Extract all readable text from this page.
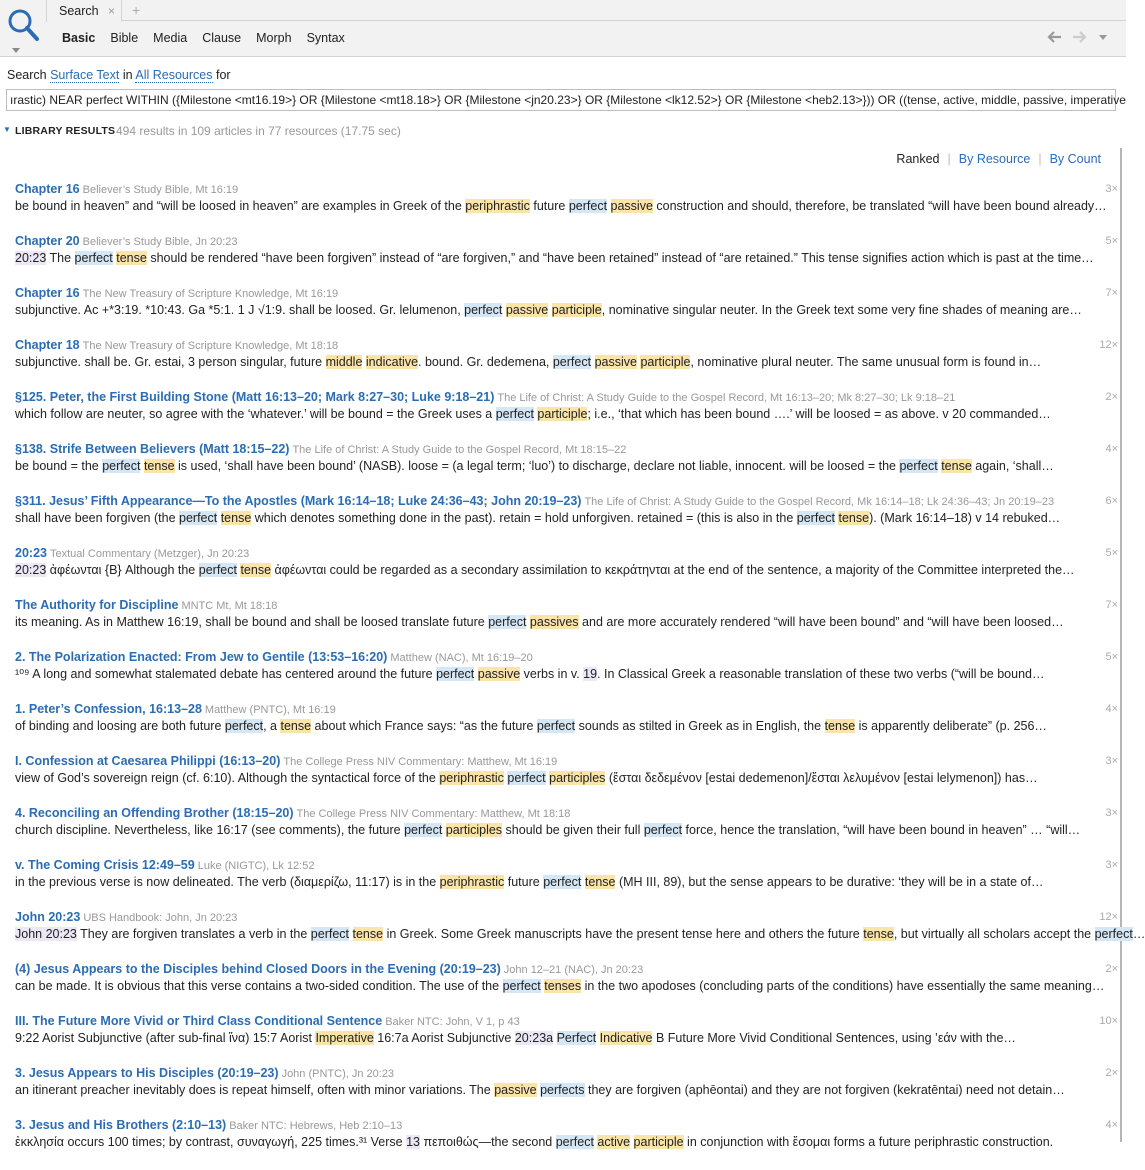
Search × +
Basic Bible Media Clause Morph Syntax
Search Surface Text in All Resources for
ırastic) NEAR perfect WITHIN ({Milestone <mt16.19>} OR {Milestone <mt18.18>} OR {Milestone <jn20.23>} OR {Milestone <lk12.52>} OR {Milestone <heb2.13>})) OR ((tense, active, middle, passive, imperative
▼ LIBRARY RESULTS 494 results in 109 articles in 77 resources (17.75 sec)
Ranked | By Resource | By Count
Chapter 16 Believer’s Study Bible, Mt 16:19	3×
be bound in heaven” and “will be loosed in heaven” are examples in Greek of the periphrastic future perfect passive construction and should, therefore, be translated “will have been bound already…
Chapter 20 Believer’s Study Bible, Jn 20:23	5×
20:23 The perfect tense should be rendered “have been forgiven” instead of “are forgiven,” and “have been retained” instead of “are retained.” This tense signifies action which is past at the time…
Chapter 16 The New Treasury of Scripture Knowledge, Mt 16:19	7×
subjunctive. Ac +*3:19. *10:43. Ga *5:1. 1 J √1:9. shall be loosed. Gr. lelumenon, perfect passive participle, nominative singular neuter. In the Greek text some very fine shades of meaning are…
Chapter 18 The New Treasury of Scripture Knowledge, Mt 18:18	12×
subjunctive. shall be. Gr. estai, 3 person singular, future middle indicative. bound. Gr. dedemena, perfect passive participle, nominative plural neuter. The same unusual form is found in…
§125. Peter, the First Building Stone (Matt 16:13–20; Mark 8:27–30; Luke 9:18–21) The Life of Christ: A Study Guide to the Gospel Record, Mt 16:13–20; Mk 8:27–30; Lk 9:18–21	2×
which follow are neuter, so agree with the ‘whatever.’ will be bound = the Greek uses a perfect participle; i.e., ‘that which has been bound ….’ will be loosed = as above. v 20 commanded…
§138. Strife Between Believers (Matt 18:15–22) The Life of Christ: A Study Guide to the Gospel Record, Mt 18:15–22	4×
be bound = the perfect tense is used, ‘shall have been bound’ (NASB). loose = (a legal term; ‘luo’) to discharge, declare not liable, innocent. will be loosed = the perfect tense again, ‘shall…
§311. Jesus’ Fifth Appearance—To the Apostles (Mark 16:14–18; Luke 24:36–43; John 20:19–23) The Life of Christ: A Study Guide to the Gospel Record, Mk 16:14–18; Lk 24:36–43; Jn 20:19–23	6×
shall have been forgiven (the perfect tense which denotes something done in the past). retain = hold unforgiven. retained = (this is also in the perfect tense). (Mark 16:14–18) v 14 rebuked…
20:23 Textual Commentary (Metzger), Jn 20:23	5×
20:23 ἀφέωνται {B} Although the perfect tense ἀφέωνται could be regarded as a secondary assimilation to κεκράτηνται at the end of the sentence, a majority of the Committee interpreted the…
The Authority for Discipline MNTC Mt, Mt 18:18	7×
its meaning. As in Matthew 16:19, shall be bound and shall be loosed translate future perfect passives and are more accurately rendered “will have been bound” and “will have been loosed…
2. The Polarization Enacted: From Jew to Gentile (13:53–16:20) Matthew (NAC), Mt 16:19–20	5×
¹⁰⁹ A long and somewhat stalemated debate has centered around the future perfect passive verbs in v. 19. In Classical Greek a reasonable translation of these two verbs (“will be bound…
1. Peter’s Confession, 16:13–28 Matthew (PNTC), Mt 16:19	4×
of binding and loosing are both future perfect, a tense about which France says: “as the future perfect sounds as stilted in Greek as in English, the tense is apparently deliberate” (p. 256…
I. Confession at Caesarea Philippi (16:13–20) The College Press NIV Commentary: Matthew, Mt 16:19	3×
view of God’s sovereign reign (cf. 6:10). Although the syntactical force of the periphrastic perfect participles (ἔσται δεδεμένον [estai dedemenon]/ἔσται λελυμένον [estai lelymenon]) has…
4. Reconciling an Offending Brother (18:15–20) The College Press NIV Commentary: Matthew, Mt 18:18	3×
church discipline. Nevertheless, like 16:17 (see comments), the future perfect participles should be given their full perfect force, hence the translation, “will have been bound in heaven” … “will…
v. The Coming Crisis 12:49–59 Luke (NIGTC), Lk 12:52	3×
in the previous verse is now delineated. The verb (διαμερίζω, 11:17) is in the periphrastic future perfect tense (MH III, 89), but the sense appears to be durative: ‘they will be in a state of…
John 20:23 UBS Handbook: John, Jn 20:23	12×
John 20:23 They are forgiven translates a verb in the perfect tense in Greek. Some Greek manuscripts have the present tense here and others the future tense, but virtually all scholars accept the perfect…
(4) Jesus Appears to the Disciples behind Closed Doors in the Evening (20:19–23) John 12–21 (NAC), Jn 20:23	2×
can be made. It is obvious that this verse contains a two-sided condition. The use of the perfect tenses in the two apodoses (concluding parts of the conditions) have essentially the same meaning…
III. The Future More Vivid or Third Class Conditional Sentence Baker NTC: John, V 1, p 43	10×
9:22 Aorist Subjunctive (after sub-final ἵνα) 15:7 Aorist Imperative 16:7a Aorist Subjunctive 20:23a Perfect Indicative B Future More Vivid Conditional Sentences, using ’εάν with the…
3. Jesus Appears to His Disciples (20:19–23) John (PNTC), Jn 20:23	2×
an itinerant preacher inevitably does is repeat himself, often with minor variations. The passive perfects they are forgiven (aphēontai) and they are not forgiven (kekratēntai) need not detain…
3. Jesus and His Brothers (2:10–13) Baker NTC: Hebrews, Heb 2:10–13	4×
ἐκκλησία occurs 100 times; by contrast, συναγωγή, 225 times.³¹ Verse 13 πεποιθώς—the second perfect active participle in conjunction with ἔσομαι forms a future periphrastic construction.
